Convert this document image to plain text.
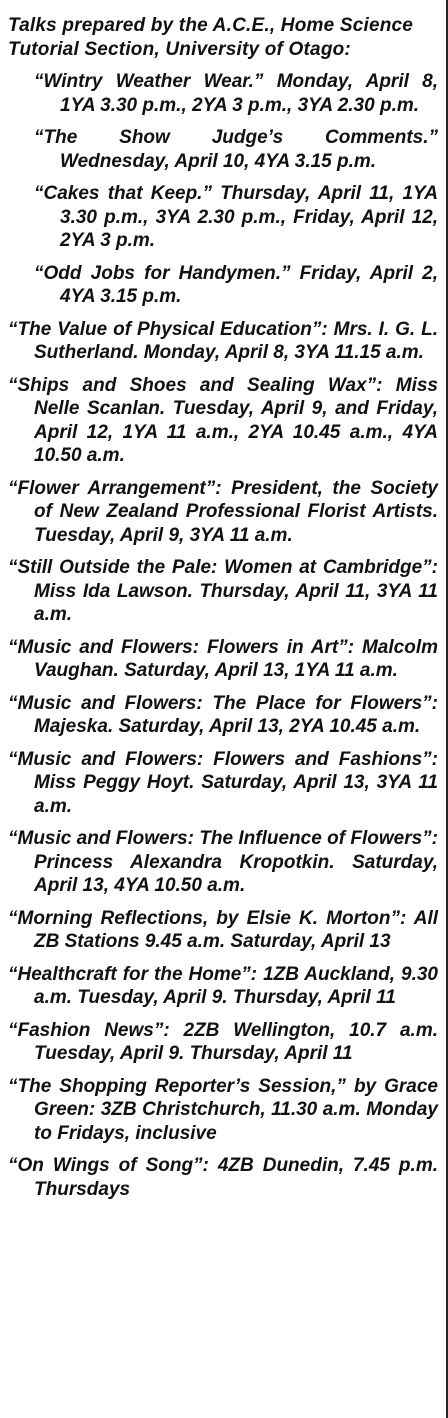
Talks prepared by the A.C.E., Home Science Tutorial Section, University of Otago:
“Wintry Weather Wear.” Monday, April 8, 1YA 3.30 p.m., 2YA 3 p.m., 3YA 2.30 p.m.
“The Show Judge’s Comments.” Wednesday, April 10, 4YA 3.15 p.m.
“Cakes that Keep.” Thursday, April 11, 1YA 3.30 p.m., 3YA 2.30 p.m., Friday, April 12, 2YA 3 p.m.
“Odd Jobs for Handymen.” Friday, April 2, 4YA 3.15 p.m.
“The Value of Physical Education”: Mrs. I. G. L. Sutherland. Monday, April 8, 3YA 11.15 a.m.
“Ships and Shoes and Sealing Wax”: Miss Nelle Scanlan. Tuesday, April 9, and Friday, April 12, 1YA 11 a.m., 2YA 10.45 a.m., 4YA 10.50 a.m.
“Flower Arrangement”: President, the Society of New Zealand Professional Florist Artists. Tuesday, April 9, 3YA 11 a.m.
“Still Outside the Pale: Women at Cambridge”: Miss Ida Lawson. Thursday, April 11, 3YA 11 a.m.
“Music and Flowers: Flowers in Art”: Malcolm Vaughan. Saturday, April 13, 1YA 11 a.m.
“Music and Flowers: The Place for Flowers”: Majeska. Saturday, April 13, 2YA 10.45 a.m.
“Music and Flowers: Flowers and Fashions”: Miss Peggy Hoyt. Saturday, April 13, 3YA 11 a.m.
“Music and Flowers: The Influence of Flowers”: Princess Alexandra Kropotkin. Saturday, April 13, 4YA 10.50 a.m.
“Morning Reflections, by Elsie K. Morton”: All ZB Stations 9.45 a.m. Saturday, April 13
“Healthcraft for the Home”: 1ZB Auckland, 9.30 a.m. Tuesday, April 9. Thursday, April 11
“Fashion News”: 2ZB Wellington, 10.7 a.m. Tuesday, April 9. Thursday, April 11
“The Shopping Reporter’s Session,” by Grace Green: 3ZB Christchurch, 11.30 a.m. Monday to Fridays, inclusive
“On Wings of Song”: 4ZB Dunedin, 7.45 p.m. Thursdays
